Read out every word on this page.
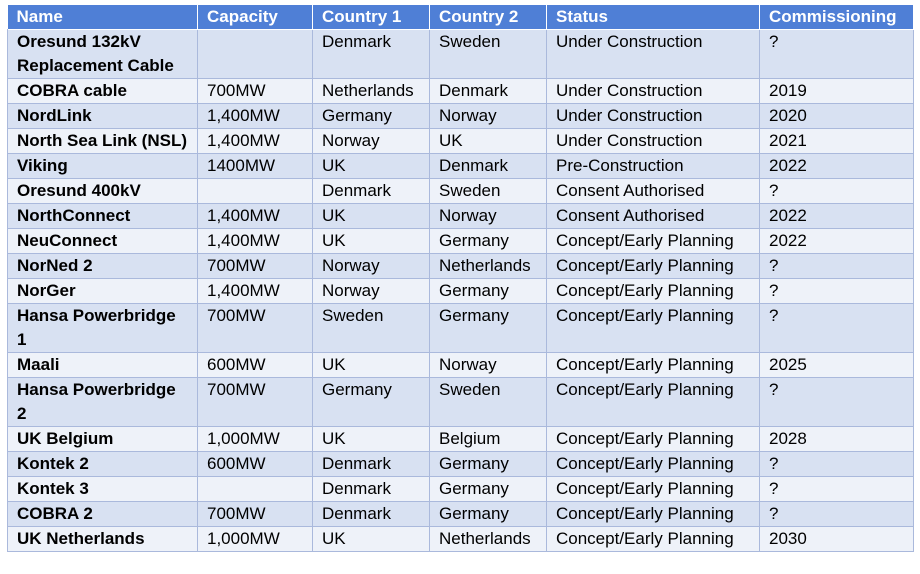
Name	Capacity	Country 1	Country 2	Status	Commissioning
Oresund 132kV Replacement Cable		Denmark	Sweden	Under Construction	?
COBRA cable	700MW	Netherlands	Denmark	Under Construction	2019
NordLink	1,400MW	Germany	Norway	Under Construction	2020
North Sea Link (NSL)	1,400MW	Norway	UK	Under Construction	2021
Viking	1400MW	UK	Denmark	Pre-Construction	2022
Oresund 400kV		Denmark	Sweden	Consent Authorised	?
NorthConnect	1,400MW	UK	Norway	Consent Authorised	2022
NeuConnect	1,400MW	UK	Germany	Concept/Early Planning	2022
NorNed 2	700MW	Norway	Netherlands	Concept/Early Planning	?
NorGer	1,400MW	Norway	Germany	Concept/Early Planning	?
Hansa Powerbridge 1	700MW	Sweden	Germany	Concept/Early Planning	?
Maali	600MW	UK	Norway	Concept/Early Planning	2025
Hansa Powerbridge 2	700MW	Germany	Sweden	Concept/Early Planning	?
UK Belgium	1,000MW	UK	Belgium	Concept/Early Planning	2028
Kontek 2	600MW	Denmark	Germany	Concept/Early Planning	?
Kontek 3		Denmark	Germany	Concept/Early Planning	?
COBRA 2	700MW	Denmark	Germany	Concept/Early Planning	?
UK Netherlands	1,000MW	UK	Netherlands	Concept/Early Planning	2030
